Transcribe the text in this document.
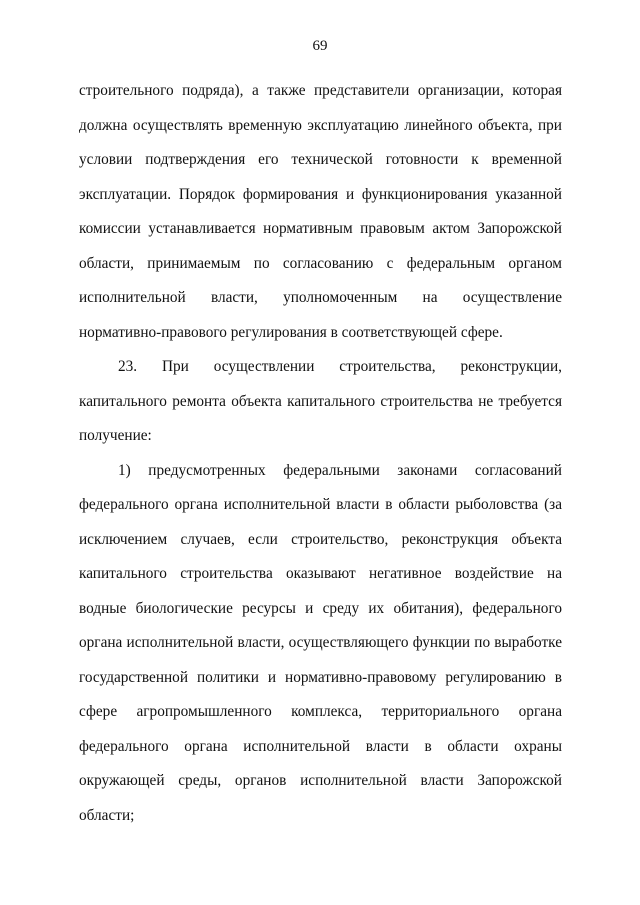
69

строительного подряда), а также представители организации, которая должна осуществлять временную эксплуатацию линейного объекта, при условии подтверждения его технической готовности к временной эксплуатации. Порядок формирования и функционирования указанной комиссии устанавливается нормативным правовым актом Запорожской области, принимаемым по согласованию с федеральным органом исполнительной власти, уполномоченным на осуществление нормативно-правового регулирования в соответствующей сфере.

23. При осуществлении строительства, реконструкции, капитального ремонта объекта капитального строительства не требуется получение:

1) предусмотренных федеральными законами согласований федерального органа исполнительной власти в области рыболовства (за исключением случаев, если строительство, реконструкция объекта капитального строительства оказывают негативное воздействие на водные биологические ресурсы и среду их обитания), федерального органа исполнительной власти, осуществляющего функции по выработке государственной политики и нормативно-правовому регулированию в сфере агропромышленного комплекса, территориального органа федерального органа исполнительной власти в области охраны окружающей среды, органов исполнительной власти Запорожской области;
